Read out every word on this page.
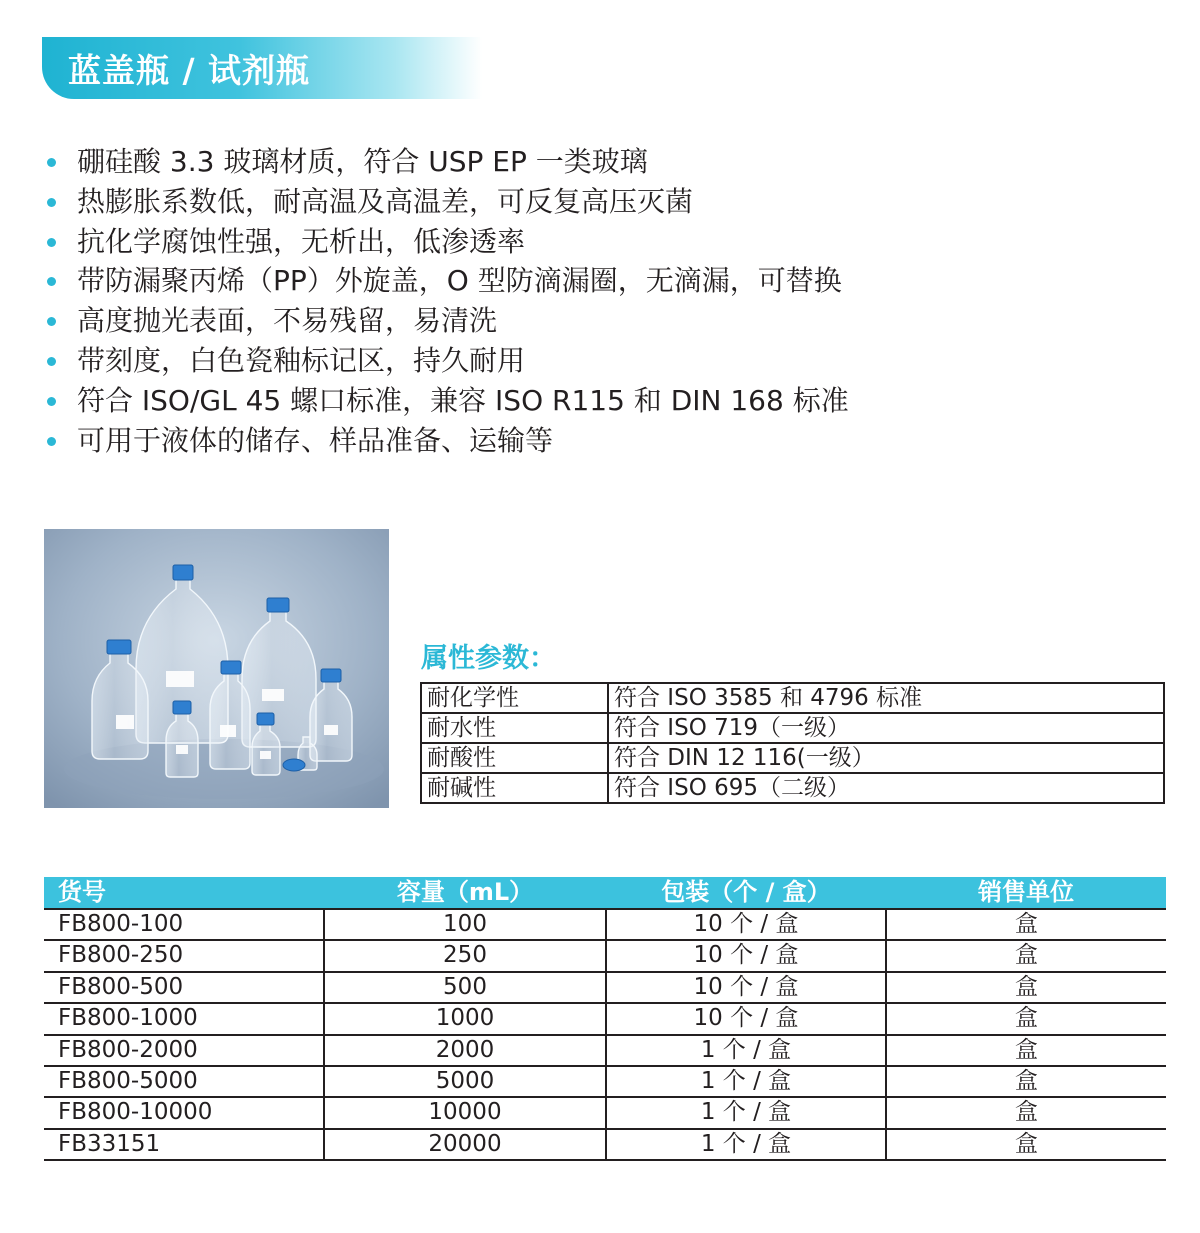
蓝盖瓶 / 试剂瓶
硼硅酸 3.3 玻璃材质，符合 USP EP 一类玻璃
热膨胀系数低，耐高温及高温差，可反复高压灭菌
抗化学腐蚀性强，无析出，低渗透率
带防漏聚丙烯（PP）外旋盖，O 型防滴漏圈，无滴漏，可替换
高度抛光表面，不易残留，易清洗
带刻度，白色瓷釉标记区，持久耐用
符合 ISO/GL 45 螺口标准，兼容 ISO R115 和 DIN 168 标准
可用于液体的储存、样品准备、运输等
属性参数：
耐化学性	符合 ISO 3585 和 4796 标准
耐水性	符合 ISO 719（一级）
耐酸性	符合 DIN 12 116(一级）
耐碱性	符合 ISO 695（二级）
货号	容量（mL）	包装（个 / 盒）	销售单位
FB800-100	100	10 个 / 盒	盒
FB800-250	250	10 个 / 盒	盒
FB800-500	500	10 个 / 盒	盒
FB800-1000	1000	10 个 / 盒	盒
FB800-2000	2000	1 个 / 盒	盒
FB800-5000	5000	1 个 / 盒	盒
FB800-10000	10000	1 个 / 盒	盒
FB33151	20000	1 个 / 盒	盒
